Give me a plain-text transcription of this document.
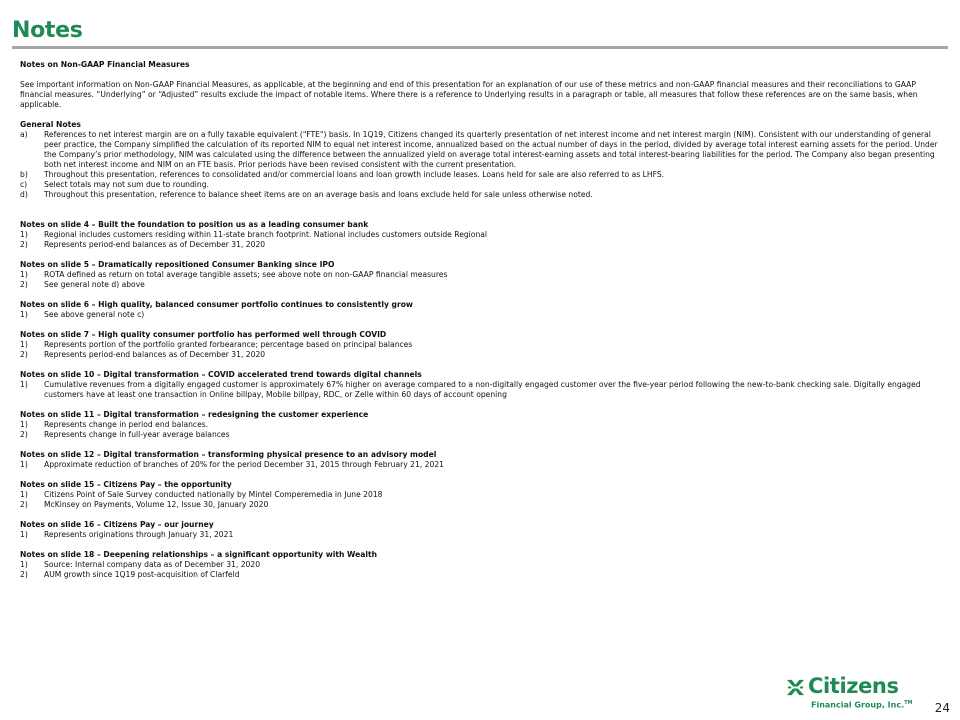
Notes
Notes on Non-GAAP Financial Measures
See important information on Non-GAAP Financial Measures, as applicable, at the beginning and end of this presentation for an explanation of our use of these metrics and non-GAAP financial measures and their reconciliations to GAAP financial measures. “Underlying” or “Adjusted” results exclude the impact of notable items. Where there is a reference to Underlying results in a paragraph or table, all measures that follow these references are on the same basis, when applicable.
General Notes
a)	References to net interest margin are on a fully taxable equivalent ("FTE") basis. In 1Q19, Citizens changed its quarterly presentation of net interest income and net interest margin (NIM). Consistent with our understanding of general peer practice, the Company simplified the calculation of its reported NIM to equal net interest income, annualized based on the actual number of days in the period, divided by average total interest earning assets for the period. Under the Company’s prior methodology, NIM was calculated using the difference between the annualized yield on average total interest-earning assets and total interest-bearing liabilities for the period. The Company also began presenting both net interest income and NIM on an FTE basis. Prior periods have been revised consistent with the current presentation.
b)	Throughout this presentation, references to consolidated and/or commercial loans and loan growth include leases. Loans held for sale are also referred to as LHFS.
c)	Select totals may not sum due to rounding.
d)	Throughout this presentation, reference to balance sheet items are on an average basis and loans exclude held for sale unless otherwise noted.
Notes on slide 4 – Built the foundation to position us as a leading consumer bank
1)	Regional includes customers residing within 11-state branch footprint. National includes customers outside Regional
2)	Represents period-end balances as of December 31, 2020
Notes on slide 5 – Dramatically repositioned Consumer Banking since IPO
1)	ROTA defined as return on total average tangible assets; see above note on non-GAAP financial measures
2)	See general note d) above
Notes on slide 6 – High quality, balanced consumer portfolio continues to consistently grow
1)	See above general note c)
Notes on slide 7 – High quality consumer portfolio has performed well through COVID
1)	Represents portion of the portfolio granted forbearance; percentage based on principal balances
2)	Represents period-end balances as of December 31, 2020
Notes on slide 10 – Digital transformation – COVID accelerated trend towards digital channels
1)	Cumulative revenues from a digitally engaged customer is approximately 67% higher on average compared to a non-digitally engaged customer over the five-year period following the new-to-bank checking sale. Digitally engaged customers have at least one transaction in Online billpay, Mobile billpay, RDC, or Zelle within 60 days of account opening
Notes on slide 11 – Digital transformation – redesigning the customer experience
1)	Represents change in period end balances.
2)	Represents change in full-year average balances
Notes on slide 12 – Digital transformation – transforming physical presence to an advisory model
1)	Approximate reduction of branches of 20% for the period December 31, 2015 through February 21, 2021
Notes on slide 15 – Citizens Pay – the opportunity
1)	Citizens Point of Sale Survey conducted nationally by Mintel Comperemedia in June 2018
2)	McKinsey on Payments, Volume 12, Issue 30, January 2020
Notes on slide 16 – Citizens Pay – our journey
1)	Represents originations through January 31, 2021
Notes on slide 18 – Deepening relationships – a significant opportunity with Wealth
1)	Source: Internal company data as of December 31, 2020
2)	AUM growth since 1Q19 post-acquisition of Clarfeld
Citizens
Financial Group, Inc.™ 24
